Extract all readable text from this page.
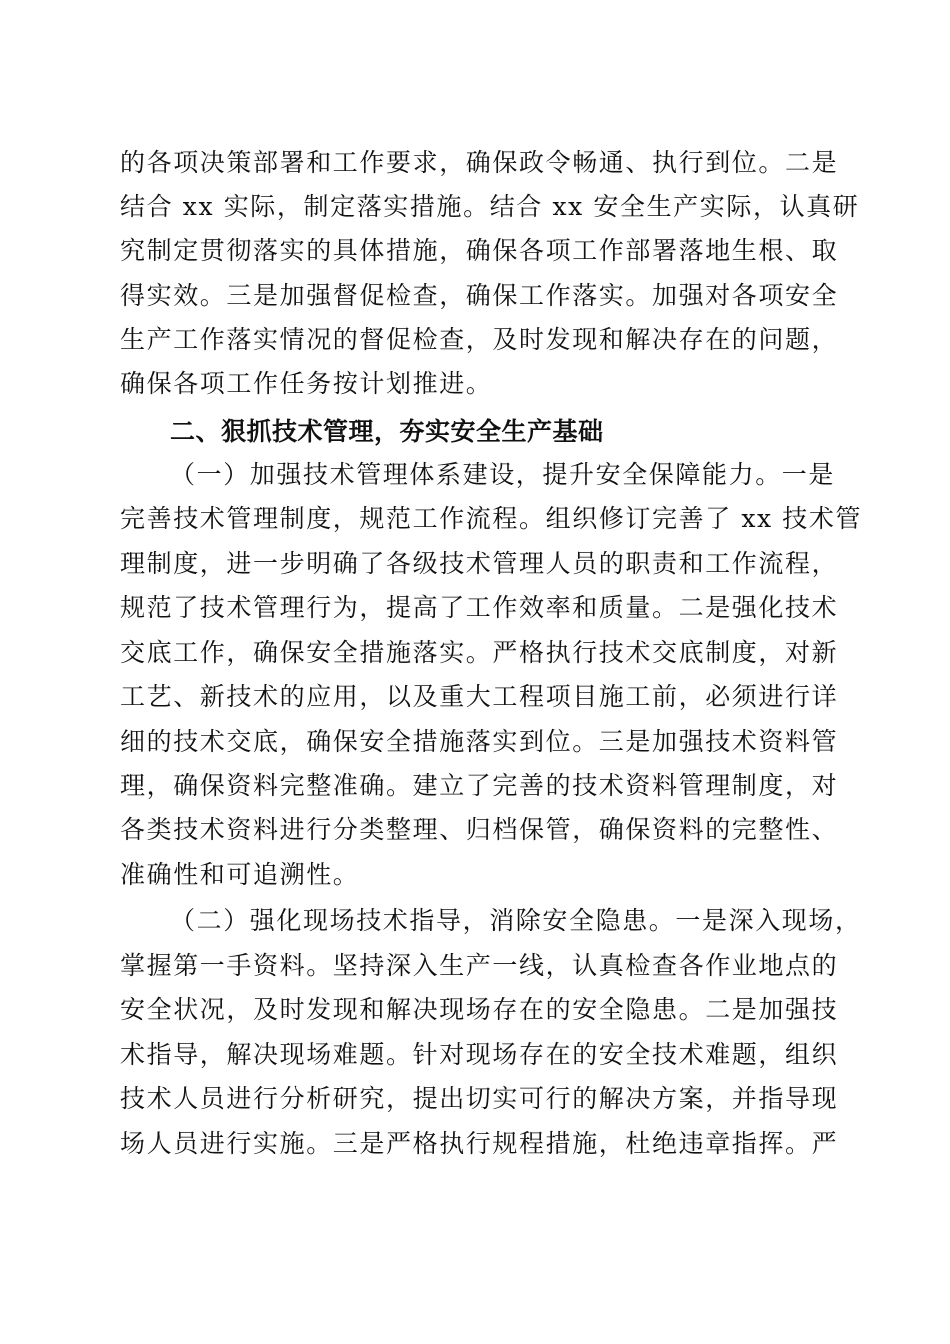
的各项决策部署和工作要求，确保政令畅通、执行到位。二是
结合 xx 实际，制定落实措施。结合 xx 安全生产实际，认真研
究制定贯彻落实的具体措施，确保各项工作部署落地生根、取
得实效。三是加强督促检查，确保工作落实。加强对各项安全
生产工作落实情况的督促检查，及时发现和解决存在的问题，
确保各项工作任务按计划推进。
二、狠抓技术管理，夯实安全生产基础
（一）加强技术管理体系建设，提升安全保障能力。一是
完善技术管理制度，规范工作流程。组织修订完善了 xx 技术管
理制度，进一步明确了各级技术管理人员的职责和工作流程，
规范了技术管理行为，提高了工作效率和质量。二是强化技术
交底工作，确保安全措施落实。严格执行技术交底制度，对新
工艺、新技术的应用，以及重大工程项目施工前，必须进行详
细的技术交底，确保安全措施落实到位。三是加强技术资料管
理，确保资料完整准确。建立了完善的技术资料管理制度，对
各类技术资料进行分类整理、归档保管，确保资料的完整性、
准确性和可追溯性。
（二）强化现场技术指导，消除安全隐患。一是深入现场，
掌握第一手资料。坚持深入生产一线，认真检查各作业地点的
安全状况，及时发现和解决现场存在的安全隐患。二是加强技
术指导，解决现场难题。针对现场存在的安全技术难题，组织
技术人员进行分析研究，提出切实可行的解决方案，并指导现
场人员进行实施。三是严格执行规程措施，杜绝违章指挥。严
